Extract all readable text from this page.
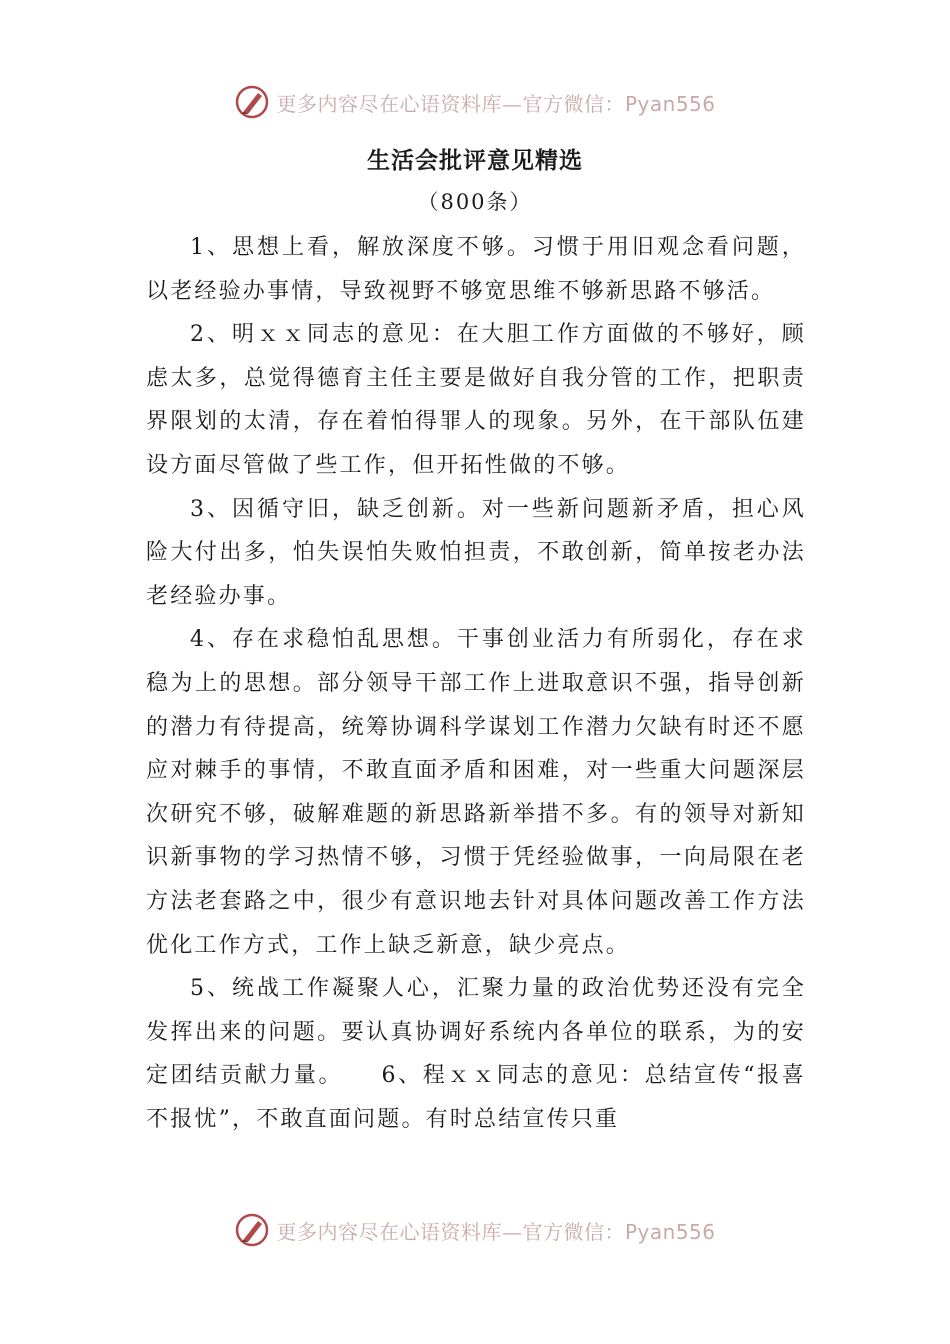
更多内容尽在心语资料库—官方微信：Pyan556
生活会批评意见精选
（800条）

1、思想上看，解放深度不够。习惯于用旧观念看问题，以老经验办事情，导致视野不够宽思维不够新思路不够活。

2、明ｘｘ同志的意见：在大胆工作方面做的不够好，顾虑太多，总觉得德育主任主要是做好自我分管的工作，把职责界限划的太清，存在着怕得罪人的现象。另外，在干部队伍建设方面尽管做了些工作，但开拓性做的不够。

3、因循守旧，缺乏创新。对一些新问题新矛盾，担心风险大付出多，怕失误怕失败怕担责，不敢创新，简单按老办法老经验办事。

4、存在求稳怕乱思想。干事创业活力有所弱化，存在求稳为上的思想。部分领导干部工作上进取意识不强，指导创新的潜力有待提高，统筹协调科学谋划工作潜力欠缺有时还不愿应对棘手的事情，不敢直面矛盾和困难，对一些重大问题深层次研究不够，破解难题的新思路新举措不多。有的领导对新知识新事物的学习热情不够，习惯于凭经验做事，一向局限在老方法老套路之中，很少有意识地去针对具体问题改善工作方法优化工作方式，工作上缺乏新意，缺少亮点。

5、统战工作凝聚人心，汇聚力量的政治优势还没有完全发挥出来的问题。要认真协调好系统内各单位的联系，为的安定团结贡献力量。　　6、程ｘｘ同志的意见：总结宣传“报喜不报忧”，不敢直面问题。有时总结宣传只重

更多内容尽在心语资料库—官方微信：Pyan556
